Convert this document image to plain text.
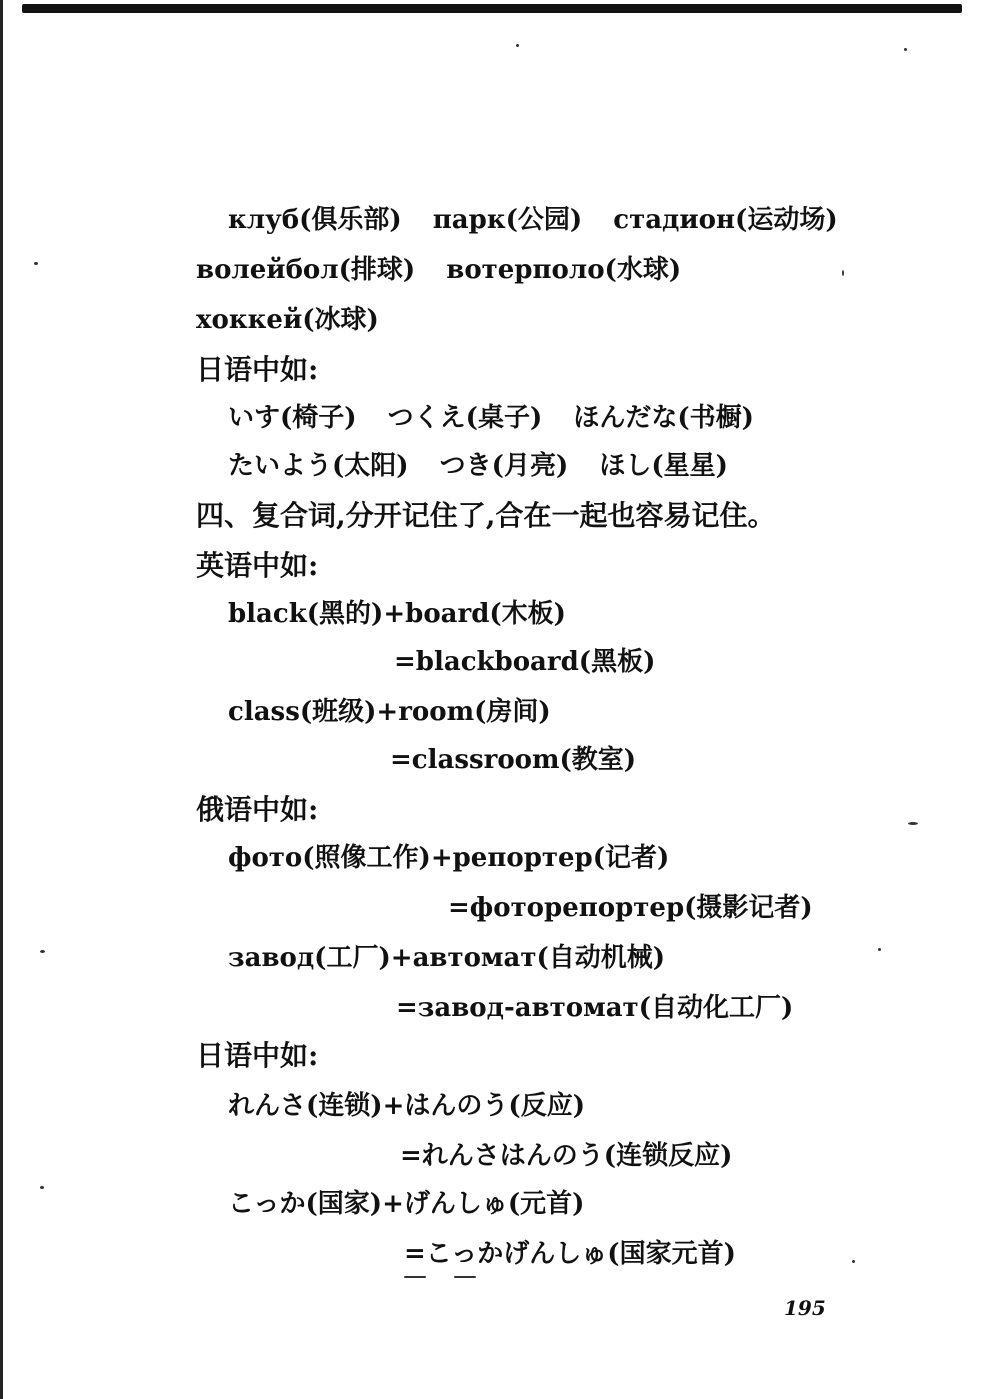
клуб(俱乐部) парк(公园) стадион(运动场)
волейбол(排球) вотерполо(水球)
хоккей(冰球)
日语中如:
いす(椅子) つくえ(桌子) ほんだな(书橱)
たいよう(太阳) つき(月亮) ほし(星星)
四、复合词,分开记住了,合在一起也容易记住。
英语中如:
black(黑的)+board(木板)
=blackboard(黑板)
class(班级)+room(房间)
=classroom(教室)
俄语中如:
фото(照像工作)+репортер(记者)
=фоторепортер(摄影记者)
завод(工厂)+автомат(自动机械)
=завод-автомат(自动化工厂)
日语中如:
れんさ(连锁)+はんのう(反应)
=れんさはんのう(连锁反应)
こっか(国家)+げんしゅ(元首)
=こっかげんしゅ(国家元首)
195
